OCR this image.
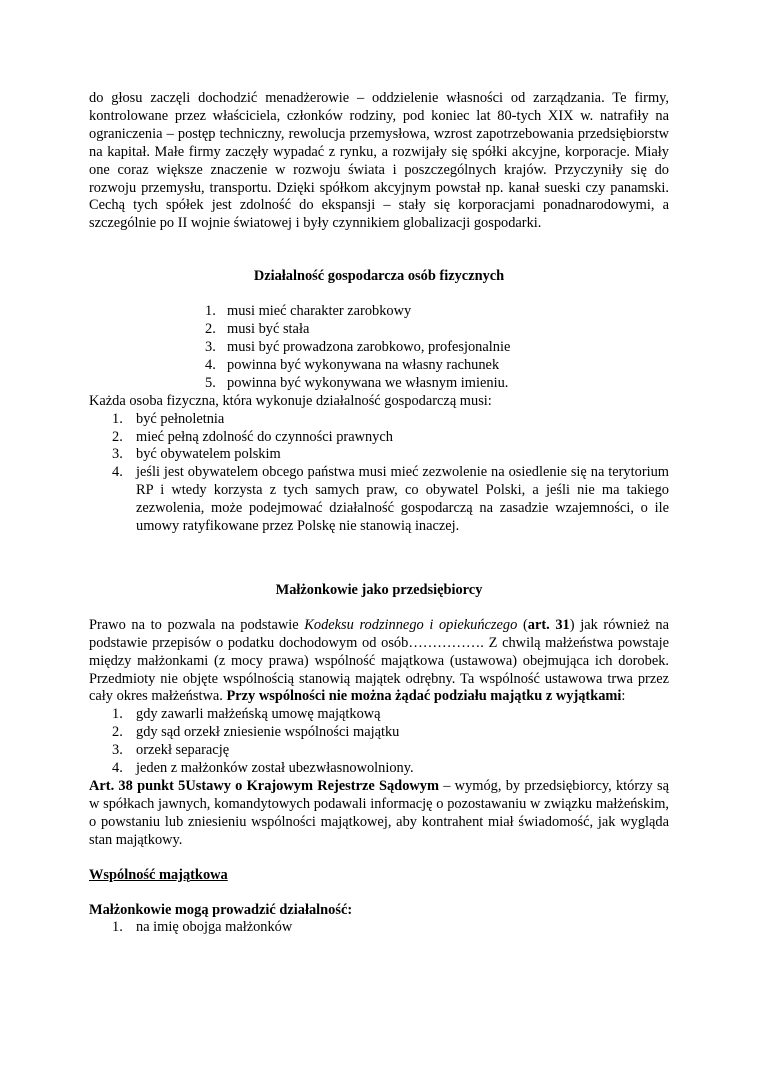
do głosu zaczęli dochodzić menadżerowie – oddzielenie własności od zarządzania. Te firmy, kontrolowane przez właściciela, członków rodziny, pod koniec lat 80-tych XIX w. natrafiły na ograniczenia – postęp techniczny, rewolucja przemysłowa, wzrost zapotrzebowania przedsiębiorstw na kapitał. Małe firmy zaczęły wypadać z rynku, a rozwijały się spółki akcyjne, korporacje. Miały one coraz większe znaczenie w rozwoju świata i poszczególnych krajów. Przyczyniły się do rozwoju przemysłu, transportu. Dzięki spółkom akcyjnym powstał np. kanał sueski czy panamski. Cechą tych spółek jest zdolność do ekspansji – stały się korporacjami ponadnarodowymi, a szczególnie po II wojnie światowej i były czynnikiem globalizacji gospodarki.

Działalność gospodarcza osób fizycznych

1. musi mieć charakter zarobkowy
2. musi być stała
3. musi być prowadzona zarobkowo, profesjonalnie
4. powinna być wykonywana na własny rachunek
5. powinna być wykonywana we własnym imieniu.

Każda osoba fizyczna, która wykonuje działalność gospodarczą musi:

1. być pełnoletnia
2. mieć pełną zdolność do czynności prawnych
3. być obywatelem polskim
4. jeśli jest obywatelem obcego państwa musi mieć zezwolenie na osiedlenie się na terytorium RP i wtedy korzysta z tych samych praw, co obywatel Polski, a jeśli nie ma takiego zezwolenia, może podejmować działalność gospodarczą na zasadzie wzajemności, o ile umowy ratyfikowane przez Polskę nie stanowią inaczej.

Małżonkowie jako przedsiębiorcy

Prawo na to pozwala na podstawie Kodeksu rodzinnego i opiekuńczego (art. 31) jak również na podstawie przepisów o podatku dochodowym od osób……………. Z chwilą małżeństwa powstaje między małżonkami (z mocy prawa) wspólność majątkowa (ustawowa) obejmująca ich dorobek. Przedmioty nie objęte wspólnością stanowią majątek odrębny. Ta wspólność ustawowa trwa przez cały okres małżeństwa. Przy wspólności nie można żądać podziału majątku z wyjątkami:

1. gdy zawarli małżeńską umowę majątkową
2. gdy sąd orzekł zniesienie wspólności majątku
3. orzekł separację
4. jeden z małżonków został ubezwłasnowolniony.

Art. 38 punkt 5Ustawy o Krajowym Rejestrze Sądowym – wymóg, by przedsiębiorcy, którzy są w spółkach jawnych, komandytowych podawali informację o pozostawaniu w związku małżeńskim, o powstaniu lub zniesieniu wspólności majątkowej, aby kontrahent miał świadomość, jak wygląda stan majątkowy.

Wspólność majątkowa

Małżonkowie mogą prowadzić działalność:

1. na imię obojga małżonków
